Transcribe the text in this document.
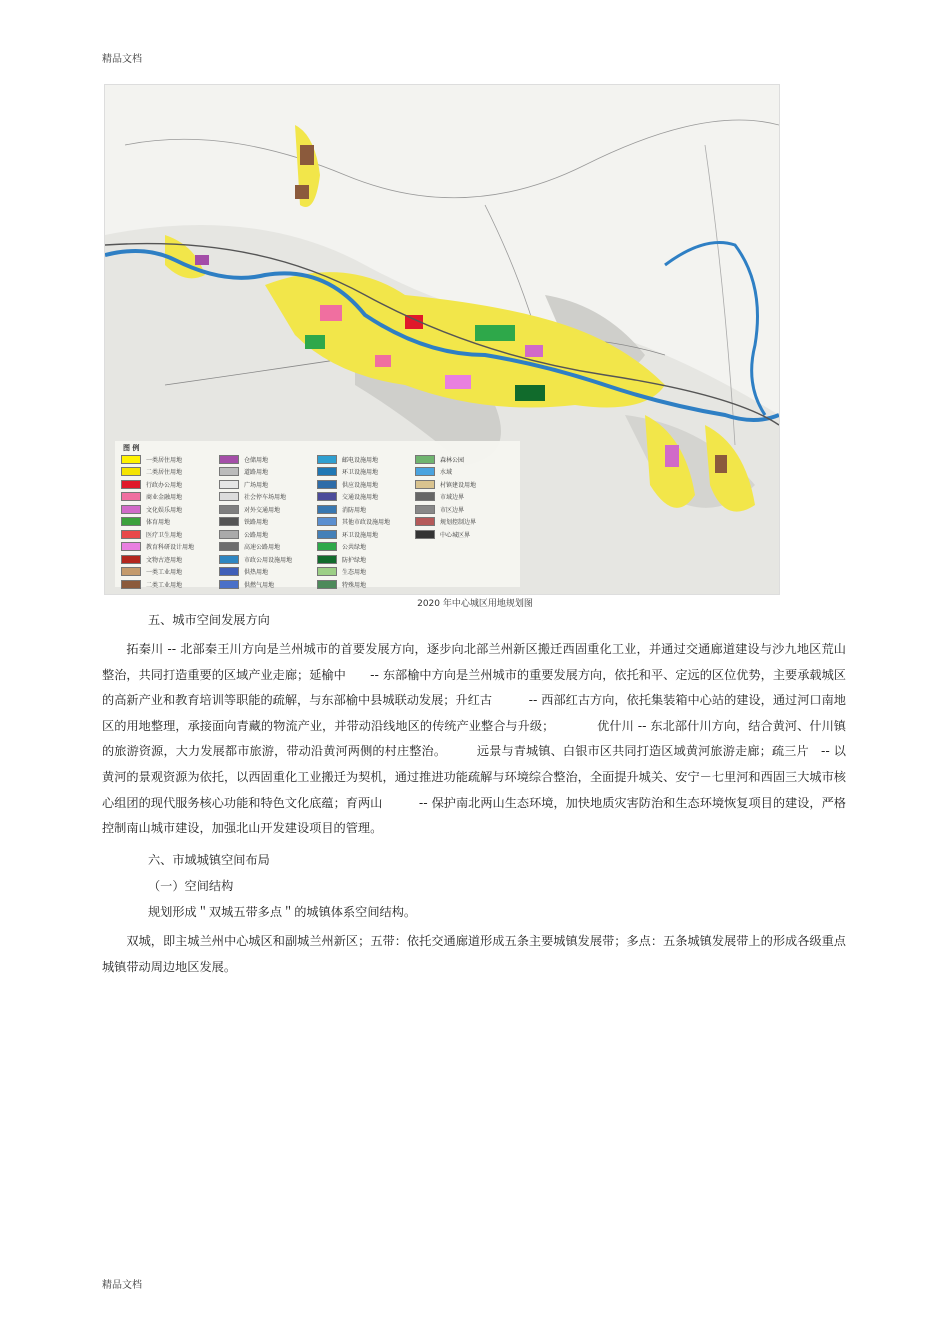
精品文档
图 例
一类居住用地
二类居住用地
行政办公用地
商业金融用地
文化娱乐用地
体育用地
医疗卫生用地
教育科研设计用地
文物古迹用地
一类工业用地
二类工业用地
仓储用地
道路用地
广场用地
社会停车场用地
对外交通用地
铁路用地
公路用地
高速公路用地
市政公用设施用地
供热用地
供燃气用地
邮电设施用地
环卫设施用地
供应设施用地
交通设施用地
消防用地
其他市政设施用地
环卫设施用地
公共绿地
防护绿地
生态用地
特殊用地
森林公园
水域
村镇建设用地
市域边界
市区边界
规划控制边界
中心城区界
2020 年中心城区用地规划图
五、城市空间发展方向

拓秦川 -- 北部秦王川方向是兰州城市的首要发展方向，逐步向北部兰州新区搬迁西固重化工业，并通过交通廊道建设与沙九地区荒山整治，共同打造重要的区域产业走廊；延榆中　　-- 东部榆中方向是兰州城市的重要发展方向，依托和平、定远的区位优势，主要承载城区的高新产业和教育培训等职能的疏解，与东部榆中县城联动发展；升红古　　　-- 西部红古方向，依托集装箱中心站的建设，通过河口南地区的用地整理，承接面向青藏的物流产业，并带动沿线地区的传统产业整合与升级；　　　　优什川 -- 东北部什川方向，结合黄河、什川镇的旅游资源，大力发展都市旅游，带动沿黄河两侧的村庄整治。　　　远景与青城镇、白银市区共同打造区域黄河旅游走廊；疏三片　-- 以黄河的景观资源为依托，以西固重化工业搬迁为契机，通过推进功能疏解与环境综合整治，全面提升城关、安宁－七里河和西固三大城市核心组团的现代服务核心功能和特色文化底蕴；育两山　　　-- 保护南北两山生态环境，加快地质灾害防治和生态环境恢复项目的建设，严格控制南山城市建设，加强北山开发建设项目的管理。

六、市域城镇空间布局
（一）空间结构
规划形成＂双城五带多点＂的城镇体系空间结构。

双城，即主城兰州中心城区和副城兰州新区；五带：依托交通廊道形成五条主要城镇发展带；多点：五条城镇发展带上的形成各级重点城镇带动周边地区发展。

精品文档
